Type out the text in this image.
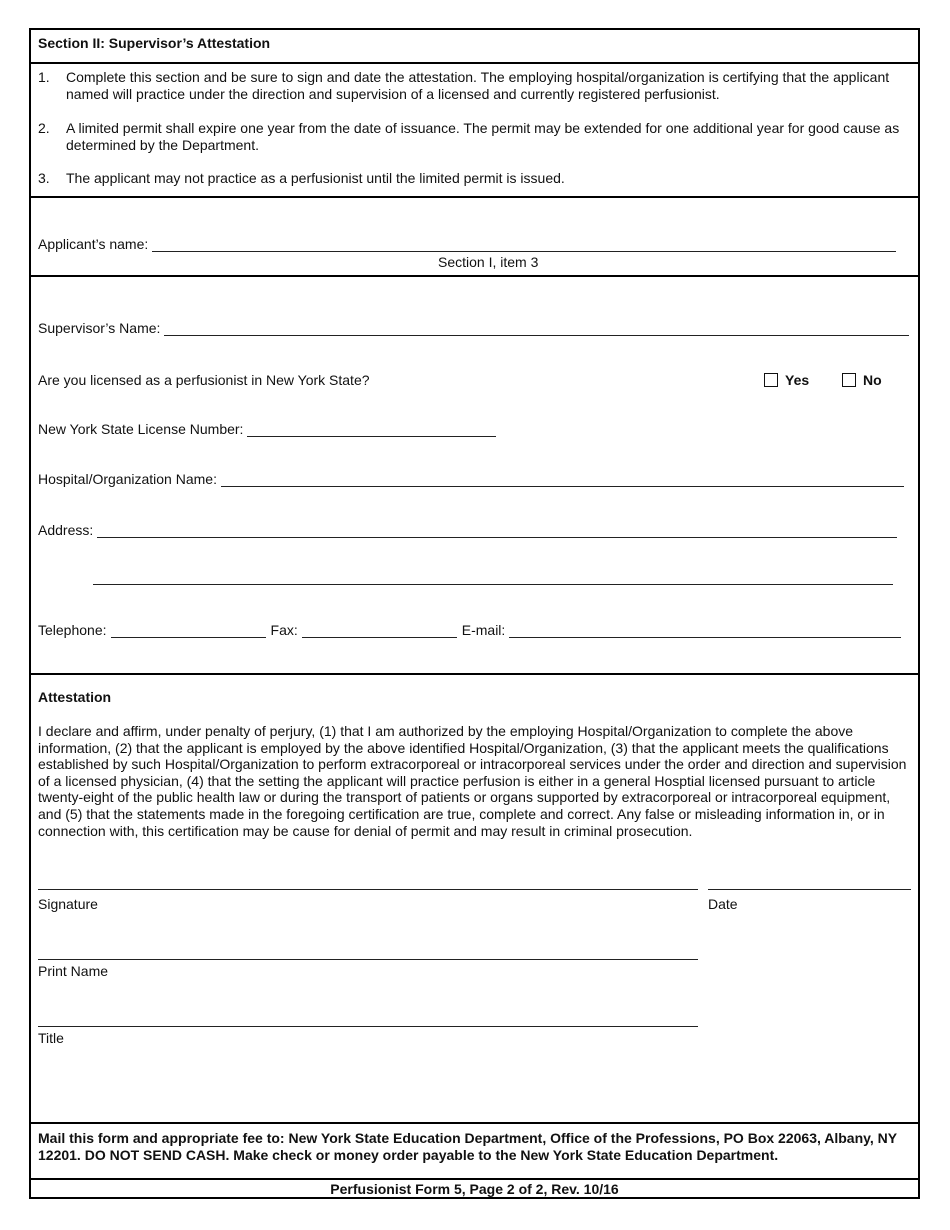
Section II: Supervisor’s Attestation
1. Complete this section and be sure to sign and date the attestation. The employing hospital/organization is certifying that the applicant named will practice under the direction and supervision of a licensed and currently registered perfusionist.
2. A limited permit shall expire one year from the date of issuance. The permit may be extended for one additional year for good cause as determined by the Department.
3. The applicant may not practice as a perfusionist until the limited permit is issued.
Applicant’s name:
Section I, item 3
Supervisor’s Name:
Are you licensed as a perfusionist in New York State?	Yes	No
New York State License Number:
Hospital/Organization Name:
Address:
Telephone:	Fax:	E-mail:
Attestation
I declare and affirm, under penalty of perjury, (1) that I am authorized by the employing Hospital/Organization to complete the above information, (2) that the applicant is employed by the above identified Hospital/Organization, (3) that the applicant meets the qualifications established by such Hospital/Organization to perform extracorporeal or intracorporeal services under the order and direction and supervision of a licensed physician, (4) that the setting the applicant will practice perfusion is either in a general Hosptial licensed pursuant to article twenty-eight of the public health law or during the transport of patients or organs supported by extracorporeal or intracorporeal equipment, and (5) that the statements made in the foregoing certification are true, complete and correct. Any false or misleading information in, or in connection with, this certification may be cause for denial of permit and may result in criminal prosecution.
Signature	Date
Print Name
Title
Mail this form and appropriate fee to: New York State Education Department, Office of the Professions, PO Box 22063, Albany, NY 12201. DO NOT SEND CASH. Make check or money order payable to the New York State Education Department.
Perfusionist Form 5, Page 2 of 2, Rev. 10/16
